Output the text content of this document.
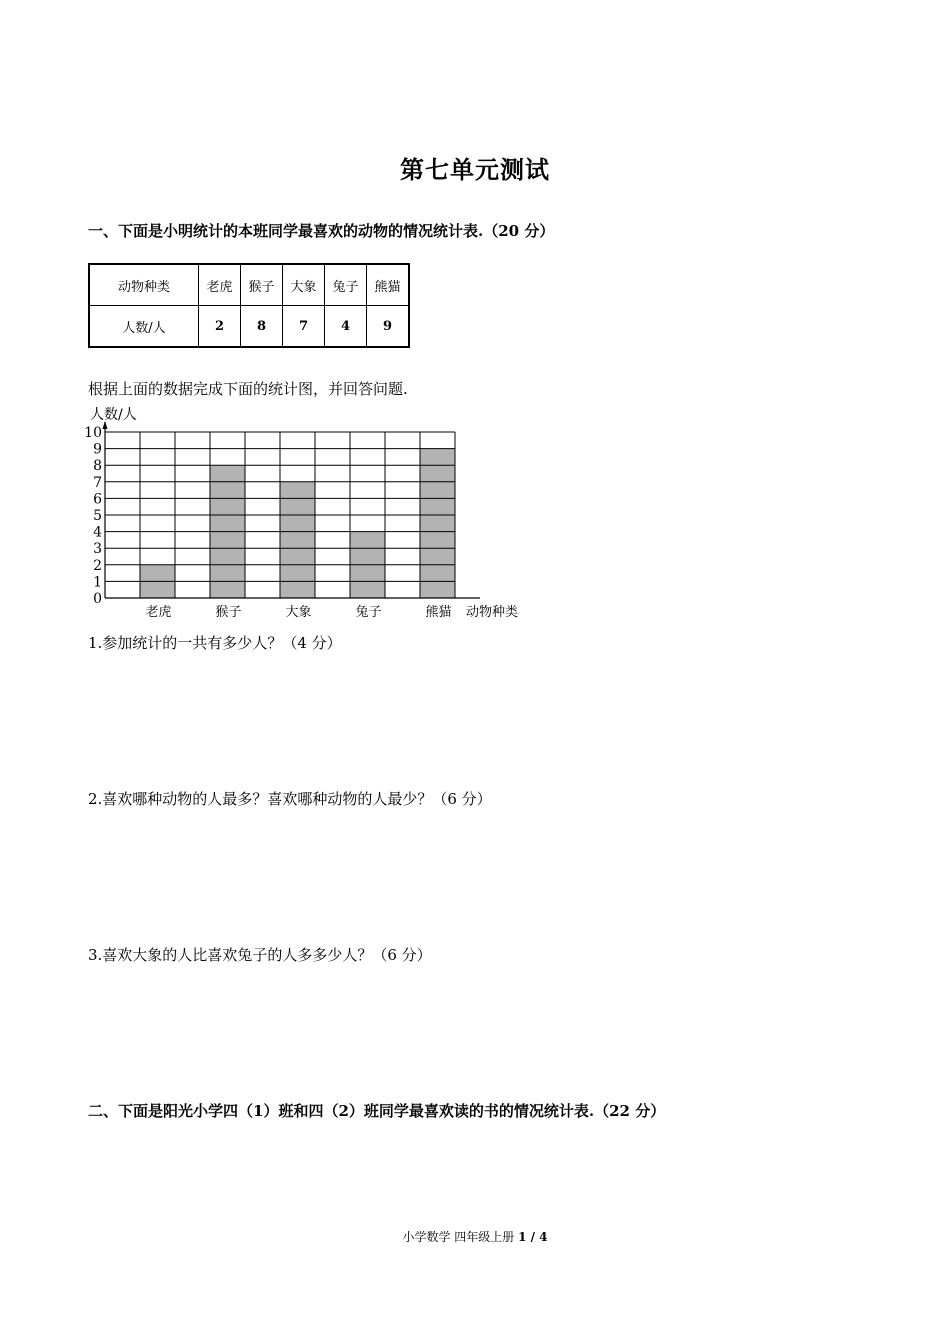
第七单元测试
一、下面是小明统计的本班同学最喜欢的动物的情况统计表.（20 分）
动物种类	老虎	猴子	大象	兔子	熊猫
人数/人	2	8	7	4	9
根据上面的数据完成下面的统计图，并回答问题.
0
1
2
3
4
5
6
7
8
9
10
人数/人
老虎	猴子	大象	兔子	熊猫 动物种类
1.参加统计的一共有多少人？（4 分）
2.喜欢哪种动物的人最多？喜欢哪种动物的人最少？（6 分）
3.喜欢大象的人比喜欢兔子的人多多少人？（6 分）
二、下面是阳光小学四（1）班和四（2）班同学最喜欢读的书的情况统计表.（22 分）
小学数学 四年级上册 1 / 4
